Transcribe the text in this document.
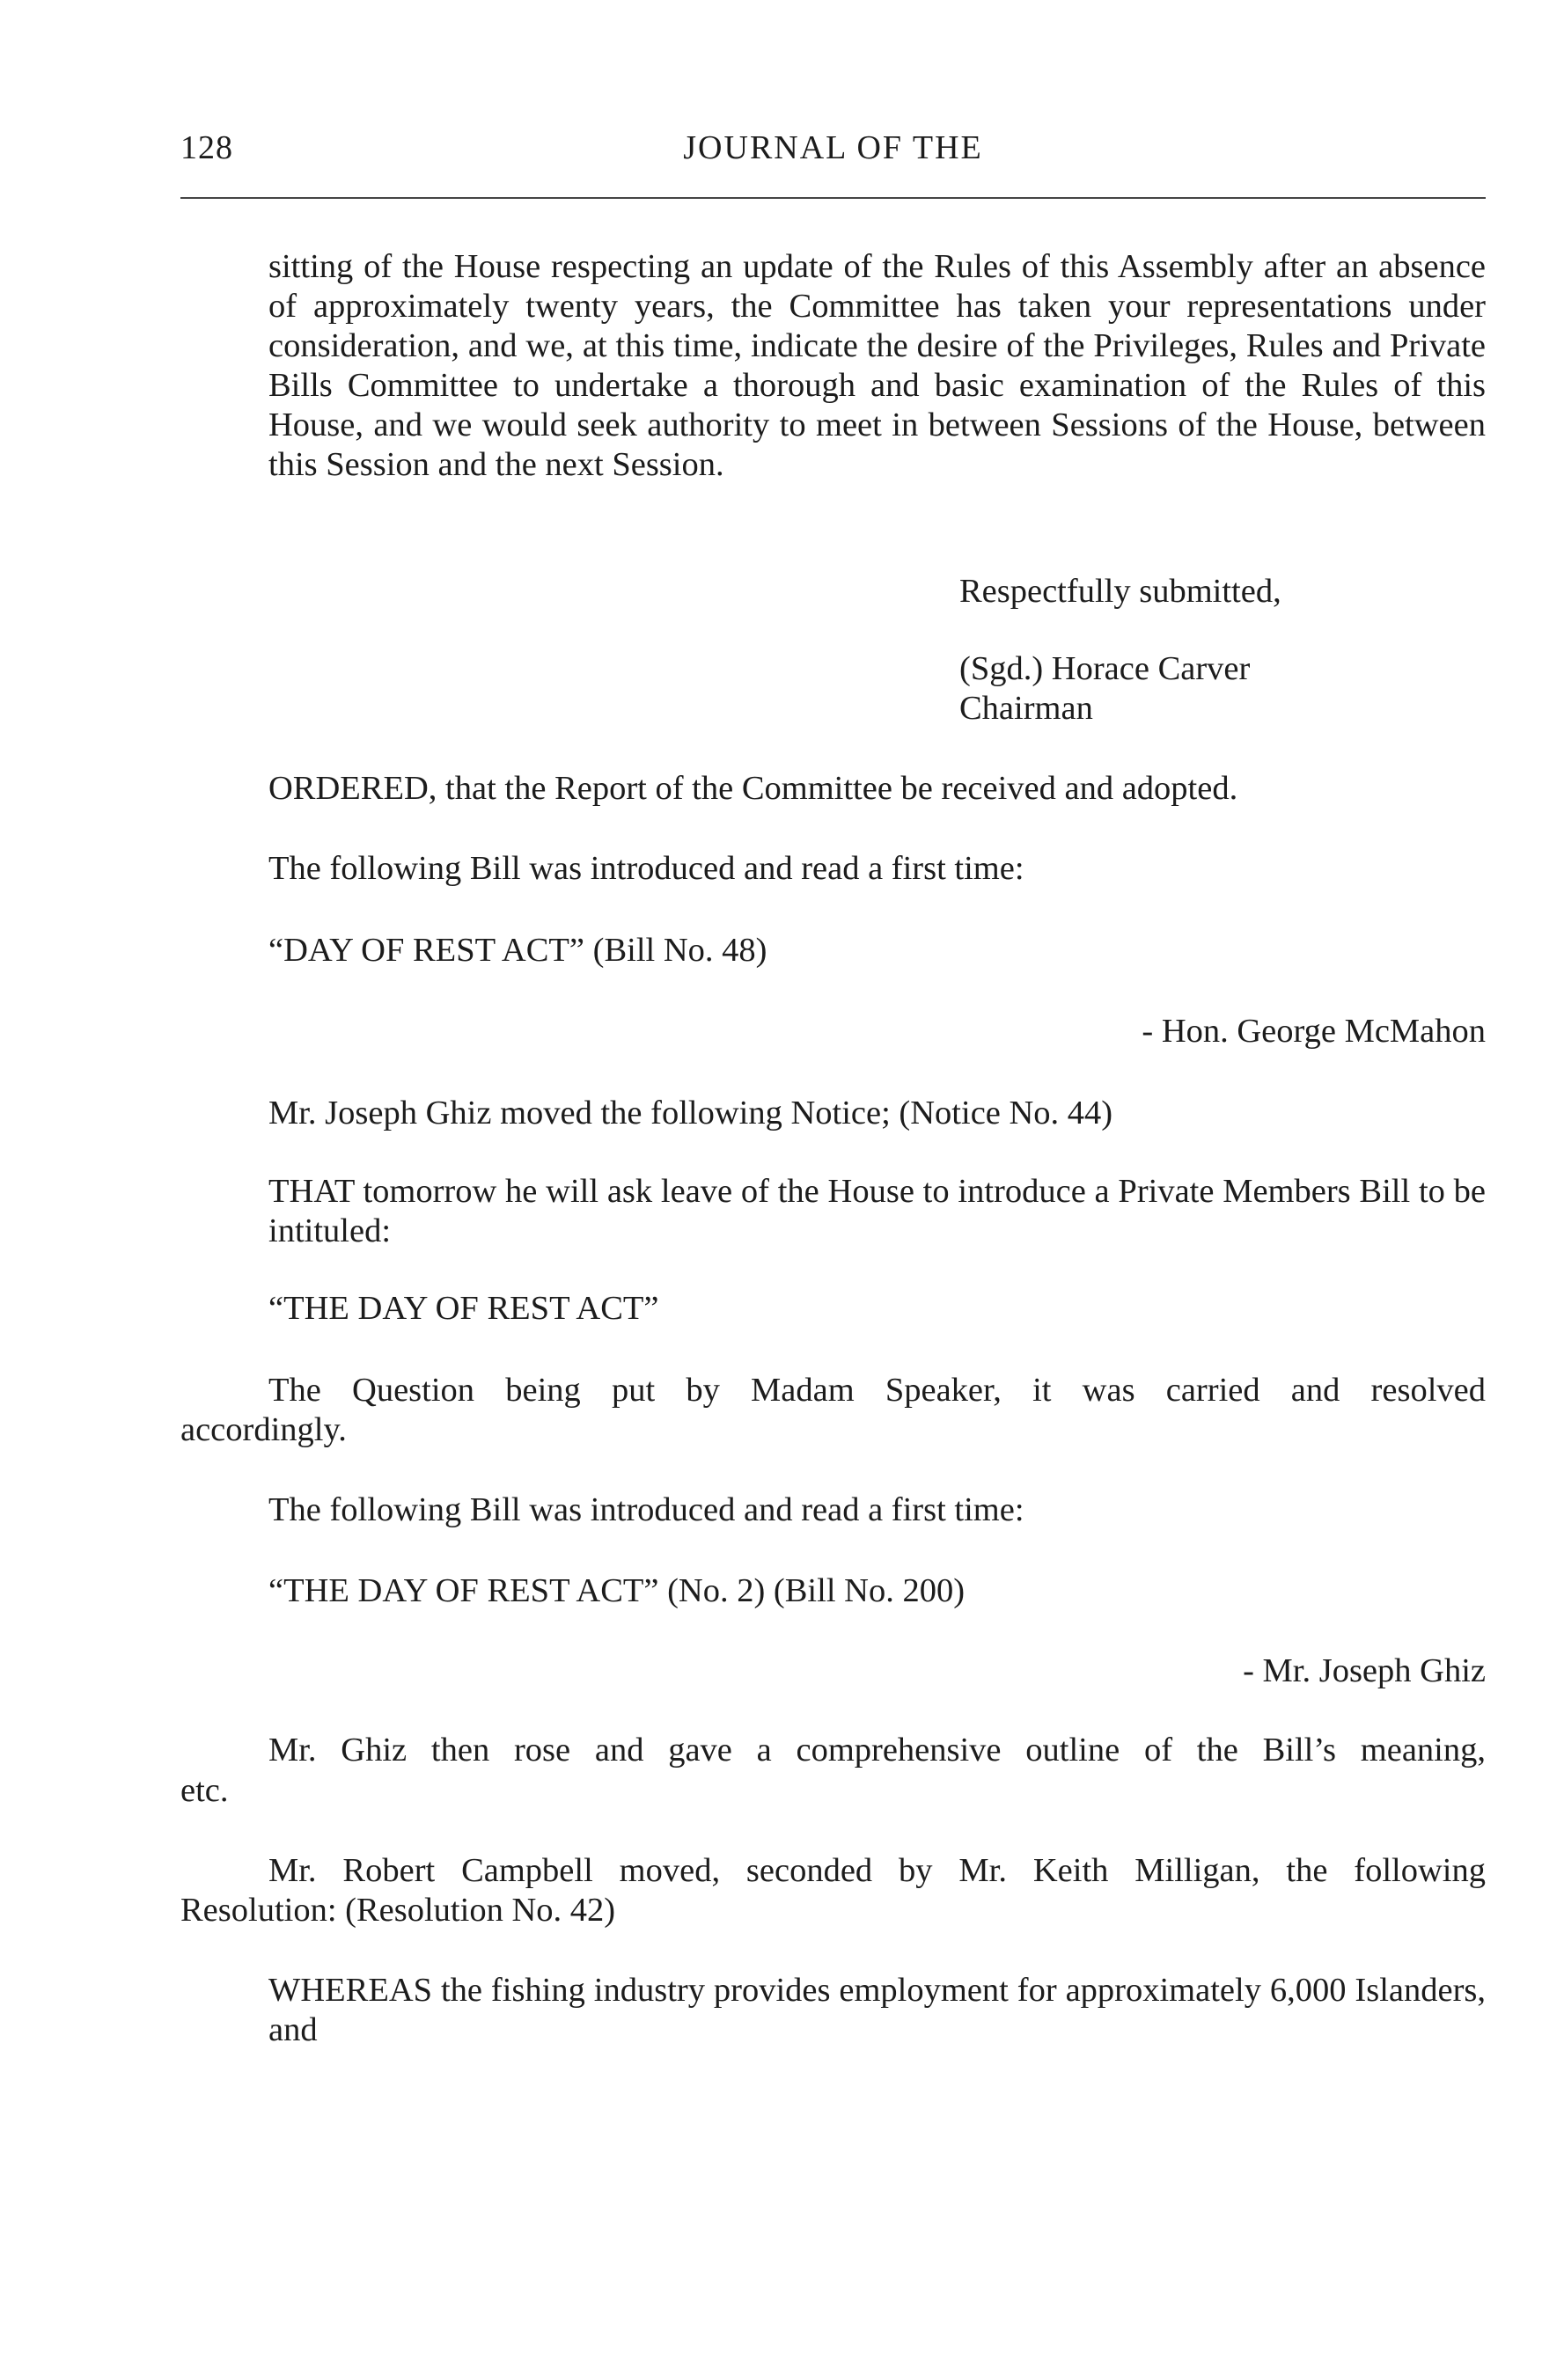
128	JOURNAL OF THE
sitting of the House respecting an update of the Rules of this Assembly after an absence of approximately twenty years, the Committee has taken your representations under consideration, and we, at this time, indicate the desire of the Privileges, Rules and Private Bills Committee to undertake a thorough and basic examination of the Rules of this House, and we would seek authority to meet in between Sessions of the House, between this Session and the next Session.
Respectfully submitted,
(Sgd.) Horace Carver
Chairman
ORDERED, that the Report of the Committee be received and adopted.
The following Bill was introduced and read a first time:
“DAY OF REST ACT” (Bill No. 48)
- Hon. George McMahon
Mr. Joseph Ghiz moved the following Notice; (Notice No. 44)
THAT tomorrow he will ask leave of the House to introduce a Private Members Bill to be intituled:
“THE DAY OF REST ACT”
The Question being put by Madam Speaker, it was carried and resolved
accordingly.
The following Bill was introduced and read a first time:
“THE DAY OF REST ACT” (No. 2) (Bill No. 200)
- Mr. Joseph Ghiz
Mr. Ghiz then rose and gave a comprehensive outline of the Bill’s meaning,
etc.
Mr. Robert Campbell moved, seconded by Mr. Keith Milligan, the following
Resolution: (Resolution No. 42)
WHEREAS the fishing industry provides employment for approximately 6,000 Islanders, and
